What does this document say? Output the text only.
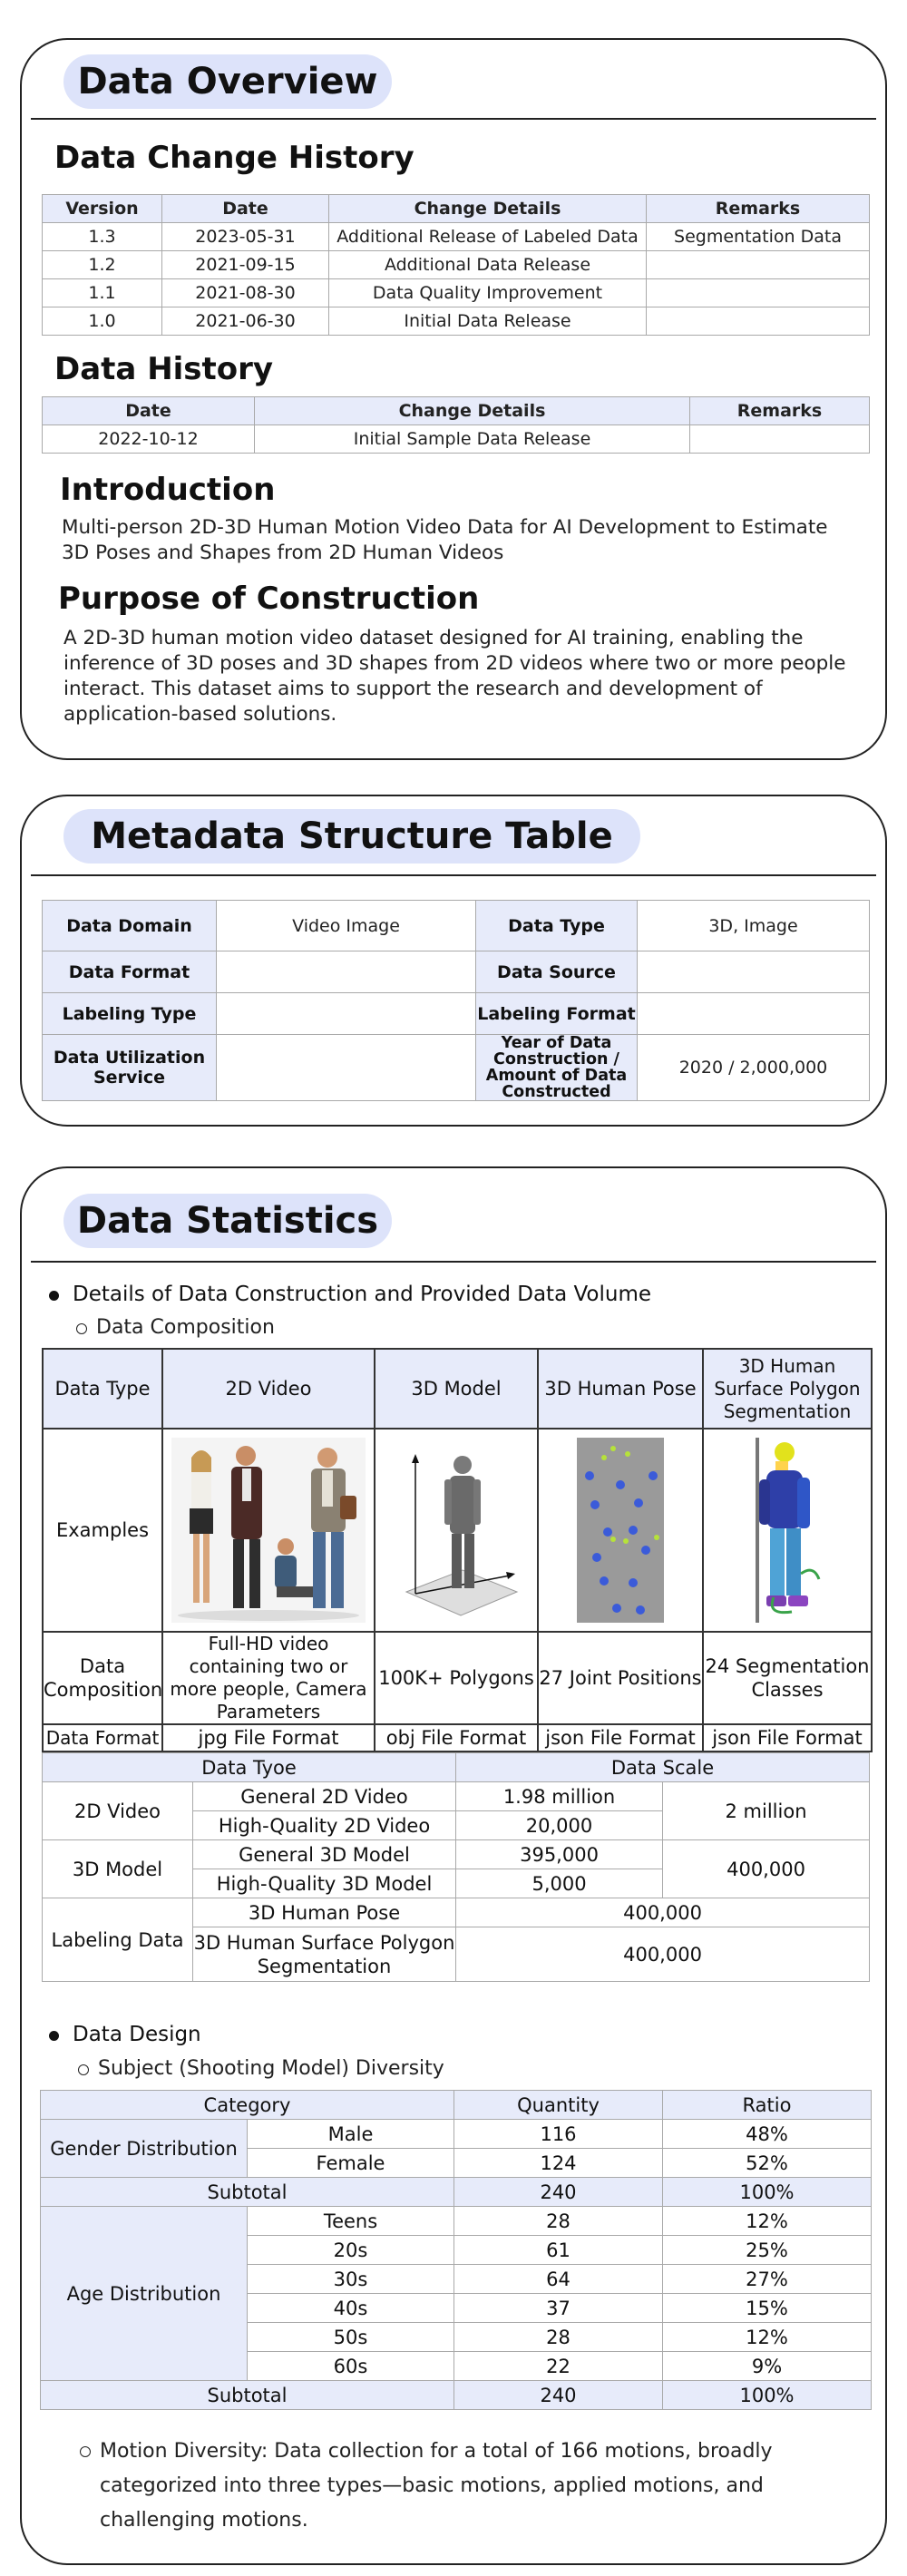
Data Overview
Data Change History
Version	Date	Change Details	Remarks
1.3	2023-05-31	Additional Release of Labeled Data	Segmentation Data
1.2	2021-09-15	Additional Data Release	
1.1	2021-08-30	Data Quality Improvement	
1.0	2021-06-30	Initial Data Release	
Data History
Date	Change Details	Remarks
2022-10-12	Initial Sample Data Release	
Introduction
Multi-person 2D-3D Human Motion Video Data for AI Development to Estimate 3D Poses and Shapes from 2D Human Videos
Purpose of Construction
A 2D-3D human motion video dataset designed for AI training, enabling the inference of 3D poses and 3D shapes from 2D videos where two or more people interact. This dataset aims to support the research and development of application-based solutions.
Metadata Structure Table
Data Domain	Video Image	Data Type	3D, Image
Data Format		Data Source	
Labeling Type		Labeling Format	
Data Utilization Service		Year of Data Construction / Amount of Data Constructed	2020 / 2,000,000
Data Statistics
Details of Data Construction and Provided Data Volume
Data Composition
Data Type	2D Video	3D Model	3D Human Pose	3D Human Surface Polygon Segmentation
Examples	

Data Composition	Full-HD video containing two or more people, Camera Parameters	100K+ Polygons	27 Joint Positions	24 Segmentation Classes
Data Format	jpg File Format	obj File Format	json File Format	json File Format
Data Tyoe		Data Scale	
2D Video	General 2D Video	1.98 million	2 million
	High-Quality 2D Video	20,000	
3D Model	General 3D Model	395,000	400,000
	High-Quality 3D Model	5,000	
Labeling Data	3D Human Pose	400,000	
	3D Human Surface Polygon Segmentation	400,000	
Data Design
Subject (Shooting Model) Diversity
Category		Quantity	Ratio
Gender Distribution	Male	116	48%
	Female	124	52%
Subtotal		240	100%
Age Distribution	Teens	28	12%
	20s	61	25%
	30s	64	27%
	40s	37	15%
	50s	28	12%
	60s	22	9%
Subtotal		240	100%
Motion Diversity: Data collection for a total of 166 motions, broadly categorized into three types—basic motions, applied motions, and challenging motions.
